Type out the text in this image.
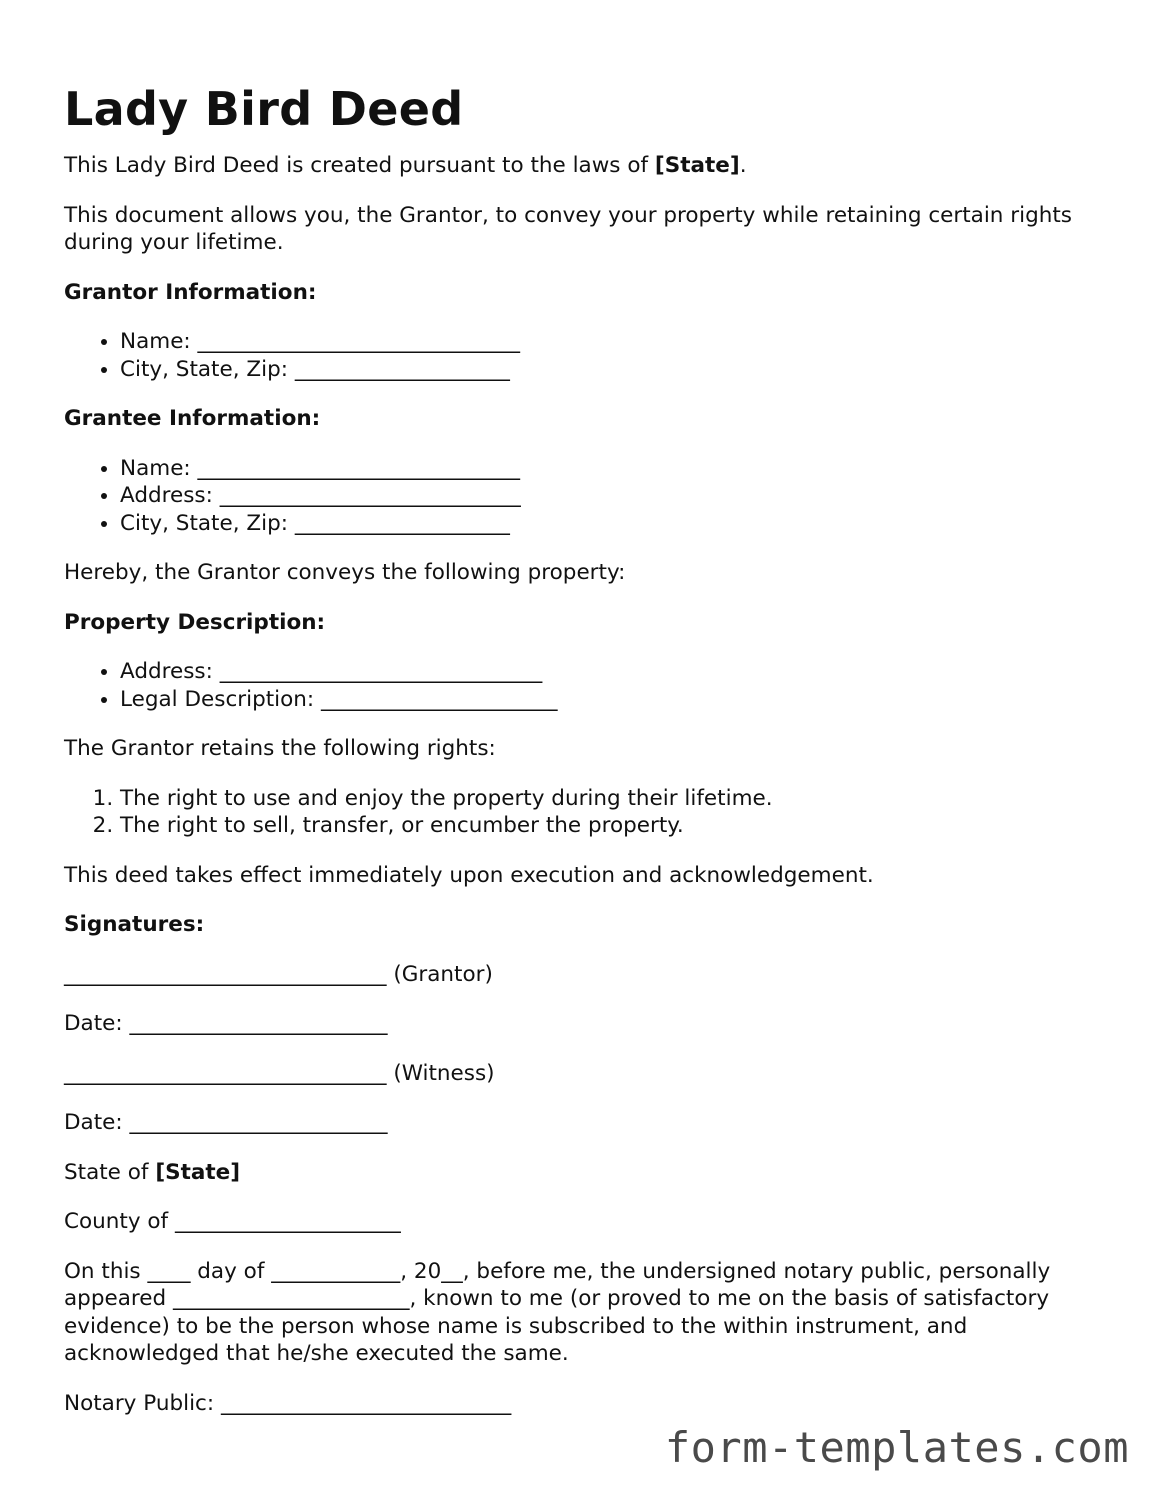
Lady Bird Deed

This Lady Bird Deed is created pursuant to the laws of [State].

This document allows you, the Grantor, to convey your property while retaining certain rights during your lifetime.

Grantor Information:

• Name: ______________________________
• City, State, Zip: ____________________

Grantee Information:

• Name: ______________________________
• Address: ____________________________
• City, State, Zip: ____________________

Hereby, the Grantor conveys the following property:

Property Description:

• Address: ______________________________
• Legal Description: ______________________

The Grantor retains the following rights:

1. The right to use and enjoy the property during their lifetime.
2. The right to sell, transfer, or encumber the property.

This deed takes effect immediately upon execution and acknowledgement.

Signatures:

______________________________ (Grantor)

Date: ________________________

______________________________ (Witness)

Date: ________________________

State of [State]

County of _____________________

On this ____ day of ____________, 20__, before me, the undersigned notary public, personally appeared ______________________, known to me (or proved to me on the basis of satisfactory evidence) to be the person whose name is subscribed to the within instrument, and acknowledged that he/she executed the same.

Notary Public: ___________________________

form-templates.com
